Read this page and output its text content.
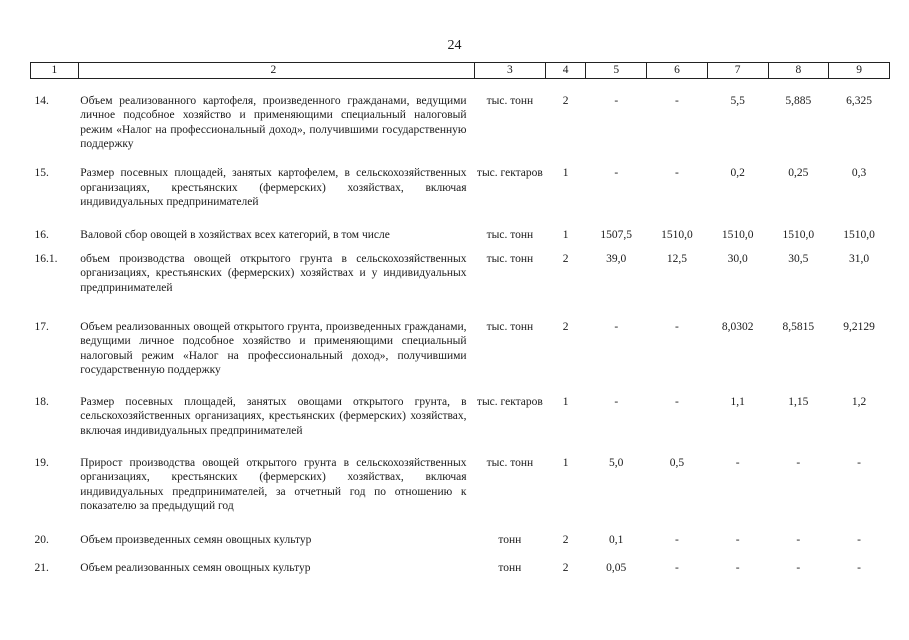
24
1	2	3	4	5	6	7	8	9
14.	Объем реализованного картофеля, произведенного гражданами, ведущими личное подсобное хозяйство и применяющими специальный налоговый режим «Налог на профессиональный доход», получившими государственную поддержку	тыс. тонн	2	-	-	5,5	5,885	6,325
15.	Размер посевных площадей, занятых картофелем, в сельскохозяйственных организациях, крестьянских (фермерских) хозяйствах, включая индивидуальных предпринимателей	тыс. гектаров	1	-	-	0,2	0,25	0,3
16.	Валовой сбор овощей в хозяйствах всех категорий, в том числе	тыс. тонн	1	1507,5	1510,0	1510,0	1510,0	1510,0
16.1.	объем производства овощей открытого грунта в сельскохозяйственных организациях, крестьянских (фермерских) хозяйствах и у индивидуальных предпринимателей	тыс. тонн	2	39,0	12,5	30,0	30,5	31,0
17.	Объем реализованных овощей открытого грунта, произведенных гражданами, ведущими личное подсобное хозяйство и применяющими специальный налоговый режим «Налог на профессиональный доход», получившими государственную поддержку	тыс. тонн	2	-	-	8,0302	8,5815	9,2129
18.	Размер посевных площадей, занятых овощами открытого грунта, в сельскохозяйственных организациях, крестьянских (фермерских) хозяйствах, включая индивидуальных предпринимателей	тыс. гектаров	1	-	-	1,1	1,15	1,2
19.	Прирост производства овощей открытого грунта в сельскохозяйственных организациях, крестьянских (фермерских) хозяйствах, включая индивидуальных предпринимателей, за отчетный год по отношению к показателю за предыдущий год	тыс. тонн	1	5,0	0,5	-	-	-
20.	Объем произведенных семян овощных культур	тонн	2	0,1	-	-	-	-
21.	Объем реализованных семян овощных культур	тонн	2	0,05	-	-	-	-
